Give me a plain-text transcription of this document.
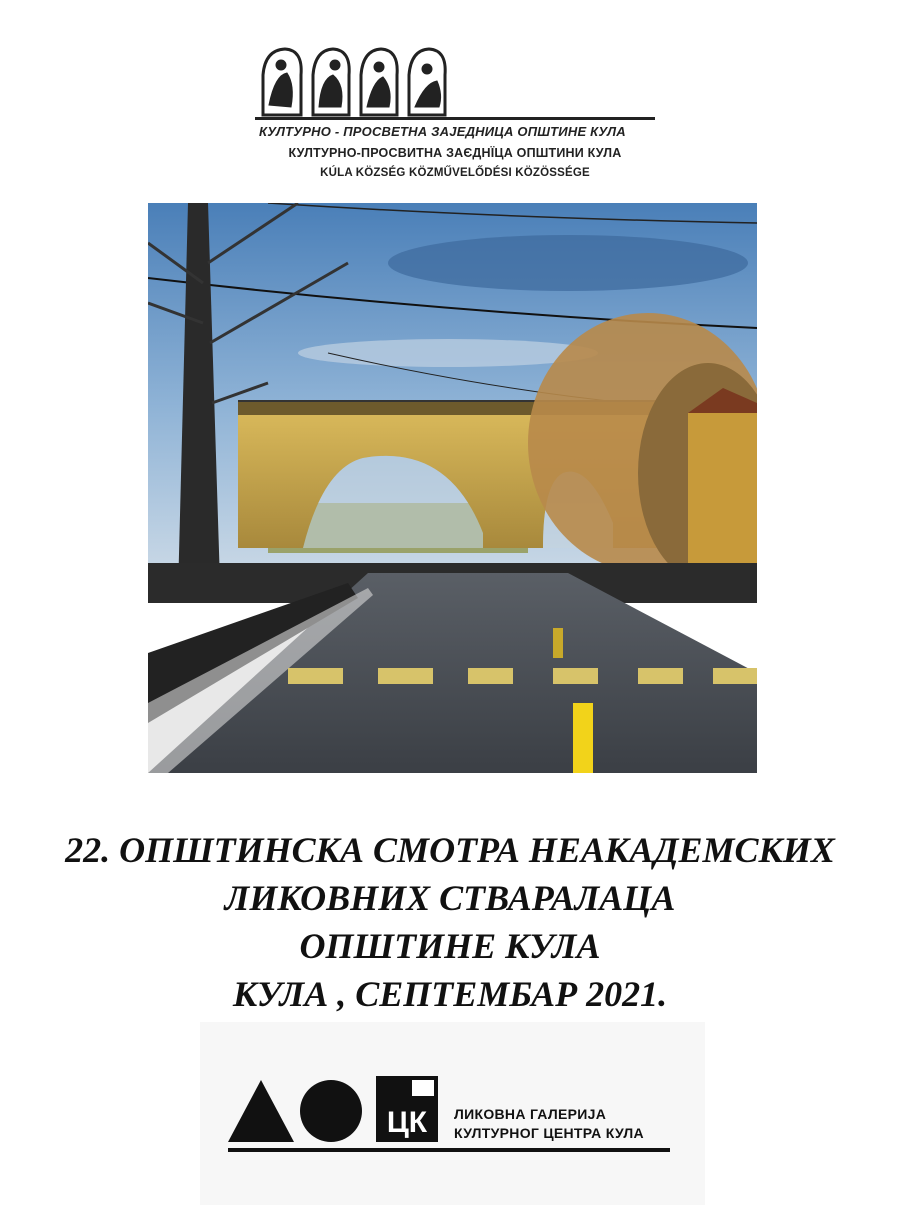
КУЛТУРНО - ПРОСВЕТНА ЗАЈЕДНИЦА ОПШТИНЕ КУЛА
КУЛТУРНО-ПРОСВИТНА ЗАЄДНЇЦА ОПШТИНИ КУЛА
KÚLA KÖZSÉG KÖZMŰVELŐDÉSI KÖZÖSSÉGE
22. ОПШТИНСКА СМОТРА НЕАКАДЕМСКИХ
ЛИКОВНИХ СТВАРАЛАЦА
ОПШТИНЕ КУЛА
КУЛА , СЕПТЕМБАР 2021.
ЦК ЛИКОВНА ГАЛЕРИЈА
КУЛТУРНОГ ЦЕНТРА КУЛА
